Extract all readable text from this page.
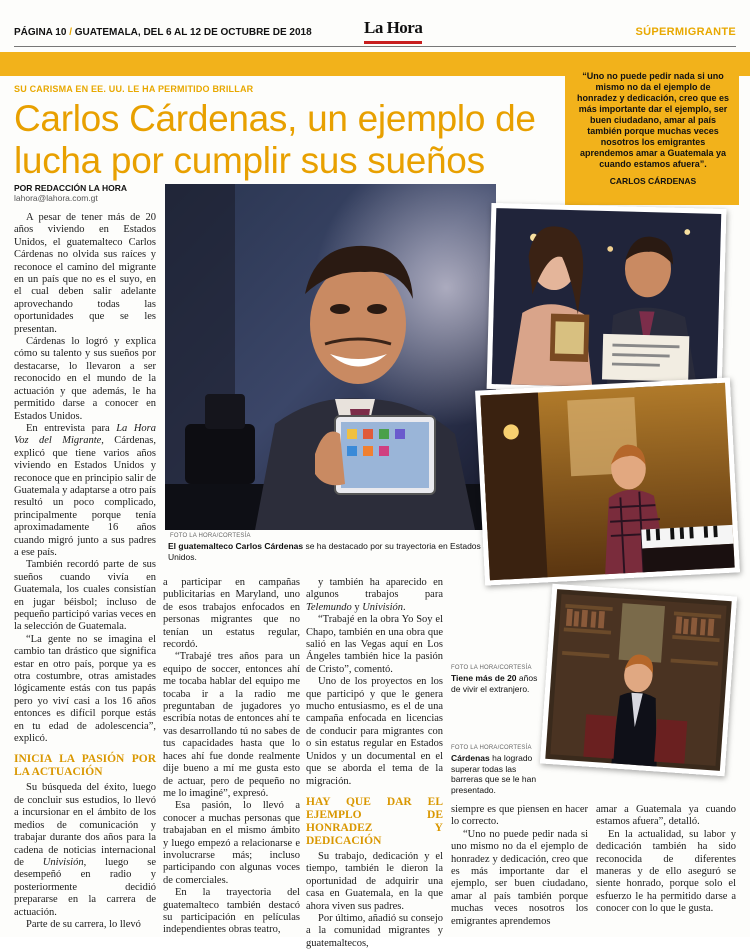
PÁGINA 10 / GUATEMALA, DEL 6 AL 12 DE OCTUBRE DE 2018	La Hora	SÚPERMIGRANTE
SU CARISMA EN EE. UU. LE HA PERMITIDO BRILLAR
Carlos Cárdenas, un ejemplo de lucha por cumplir sus sueños
POR REDACCIÓN LA HORA
lahora@lahora.com.gt
“Uno no puede pedir nada si uno mismo no da el ejemplo de honradez y dedicación, creo que es más importante dar el ejemplo, ser buen ciudadano, amar al país también porque muchas veces nosotros los emigrantes aprendemos amar a Guatemala ya cuando estamos afuera”.
CARLOS CÁRDENAS
FOTO LA HORA/CORTESÍA
El guatemalteco Carlos Cárdenas se ha destacado por su trayectoria en Estados Unidos.
FOTO LA HORA/CORTESÍA
Tiene más de 20 años de vivir el extranjero.
FOTO LA HORA/CORTESÍA
Cárdenas ha logrado superar todas las barreras que se le han presentado.

A pesar de tener más de 20 años viviendo en Estados Unidos, el guatemalteco Carlos Cárdenas no olvida sus raíces y reconoce el camino del migrante en un país que no es el suyo, en el cual deben salir adelante aprovechando todas las oportunidades que se les presentan.

Cárdenas lo logró y explica cómo su talento y sus sueños por destacarse, lo llevaron a ser reconocido en el mundo de la actuación y que además, le ha permitido darse a conocer en Estados Unidos.

En entrevista para La Hora Voz del Migrante, Cárdenas, explicó que tiene varios años viviendo en Estados Unidos y reconoce que en principio salir de Guatemala y adaptarse a otro país resultó un poco complicado, principalmente porque tenía aproximadamente 16 años cuando migró junto a sus padres a ese país.

También recordó parte de sus sueños cuando vivía en Guatemala, los cuales consistían en jugar béisbol; incluso de pequeño participó varias veces en la selección de Guatemala.

“La gente no se imagina el cambio tan drástico que significa estar en otro país, porque ya es otra costumbre, otras amistades lógicamente estás con tus papás pero yo viví casi a los 16 años entonces es difícil porque estás en tu edad de adolescencia”, explicó.

INICIA LA PASIÓN POR LA ACTUACIÓN

Su búsqueda del éxito, luego de concluir sus estudios, lo llevó a incursionar en el ámbito de los medios de comunicación y trabajar durante dos años para la cadena de noticias internacional de Univisión, luego se desempeñó en radio y posteriormente decidió prepararse en la carrera de actuación.

Parte de su carrera, lo llevó

a participar en campañas publicitarias en Maryland, uno de esos trabajos enfocados en personas migrantes que no tenían un estatus regular, recordó.

“Trabajé tres años para un equipo de soccer, entonces ahí me tocaba hablar del equipo me tocaba ir a la radio me preguntaban de jugadores yo escribía notas de entonces ahí te vas desarrollando tú no sabes de tus capacidades hasta que lo haces ahí fue donde realmente dije bueno a mí me gusta esto de actuar, pero de pequeño no me lo imaginé”, expresó.

Esa pasión, lo llevó a conocer a muchas personas que trabajaban en el mismo ámbito y luego empezó a relacionarse e involucrarse más; incluso participando con algunas voces de comerciales.

En la trayectoria del guatemalteco también destacó su participación en películas independientes obras teatro,

y también ha aparecido en algunos trabajos para Telemundo y Univisión.

“Trabajé en la obra Yo Soy el Chapo, también en una obra que salió en las Vegas aquí en Los Ángeles también hice la pasión de Cristo”, comentó.

Uno de los proyectos en los que participó y que le genera mucho entusiasmo, es el de una campaña enfocada en licencias de conducir para migrantes con o sin estatus regular en Estados Unidos y un documental en el que se aborda el tema de la migración.

HAY QUE DAR EL EJEMPLO DE HONRADEZ Y DEDICACIÓN

Su trabajo, dedicación y el tiempo, también le dieron la oportunidad de adquirir una casa en Guatemala, en la que ahora viven sus padres.

Por último, añadió su consejo a la comunidad migrantes y guatemaltecos,

siempre es que piensen en hacer lo correcto.

“Uno no puede pedir nada si uno mismo no da el ejemplo de honradez y dedicación, creo que es más importante dar el ejemplo, ser buen ciudadano, amar al país también porque muchas veces nosotros los emigrantes aprendemos

amar a Guatemala ya cuando estamos afuera”, detalló.

En la actualidad, su labor y dedicación también ha sido reconocida de diferentes maneras y de ello aseguró se siente honrado, porque solo el esfuerzo le ha permitido darse a conocer con lo que le gusta.
